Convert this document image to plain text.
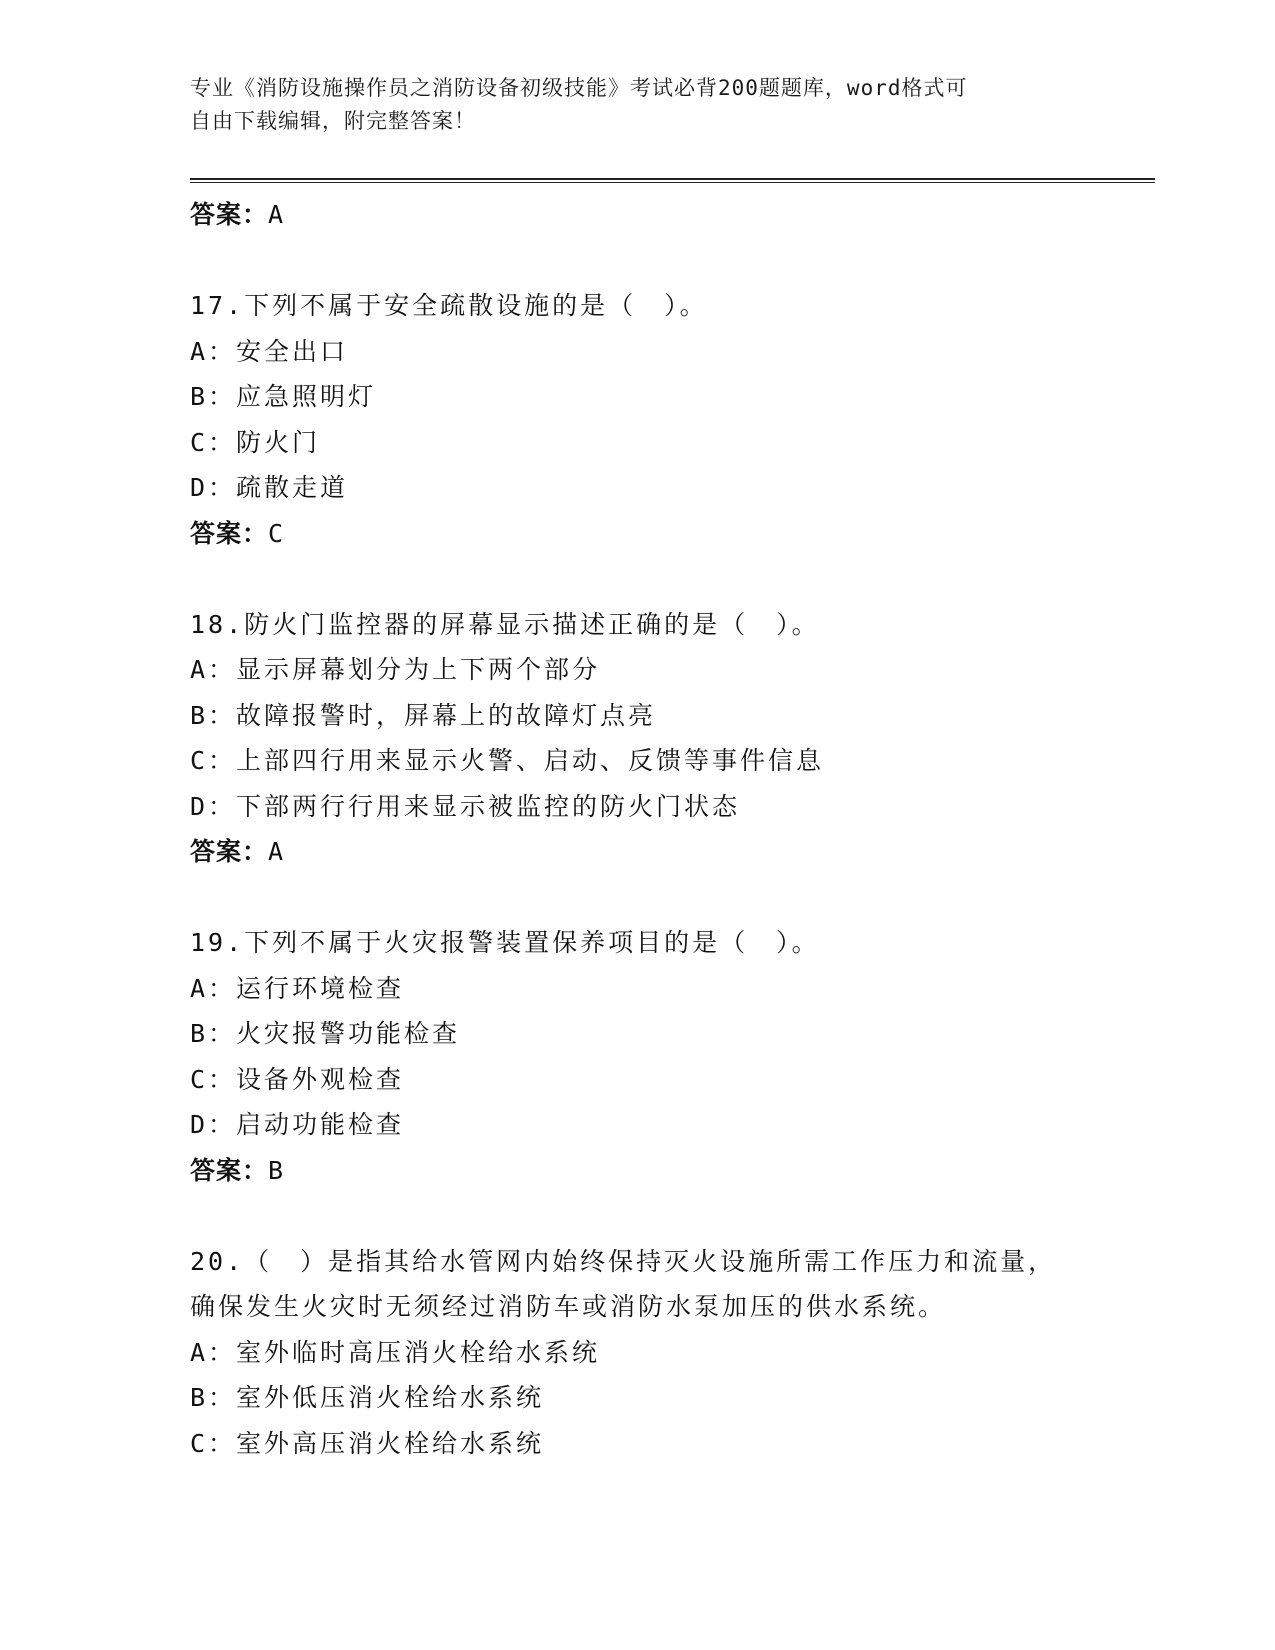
专业《消防设施操作员之消防设备初级技能》考试必背200题题库，word格式可
自由下载编辑，附完整答案！
答案：A
17.下列不属于安全疏散设施的是（　）。
A：安全出口
B：应急照明灯
C：防火门
D：疏散走道
答案：C
18.防火门监控器的屏幕显示描述正确的是（　）。
A：显示屏幕划分为上下两个部分
B：故障报警时，屏幕上的故障灯点亮
C：上部四行用来显示火警、启动、反馈等事件信息
D：下部两行行用来显示被监控的防火门状态
答案：A
19.下列不属于火灾报警装置保养项目的是（　）。
A：运行环境检查
B：火灾报警功能检查
C：设备外观检查
D：启动功能检查
答案：B
20.（　）是指其给水管网内始终保持灭火设施所需工作压力和流量，
确保发生火灾时无须经过消防车或消防水泵加压的供水系统。
A：室外临时高压消火栓给水系统
B：室外低压消火栓给水系统
C：室外高压消火栓给水系统
